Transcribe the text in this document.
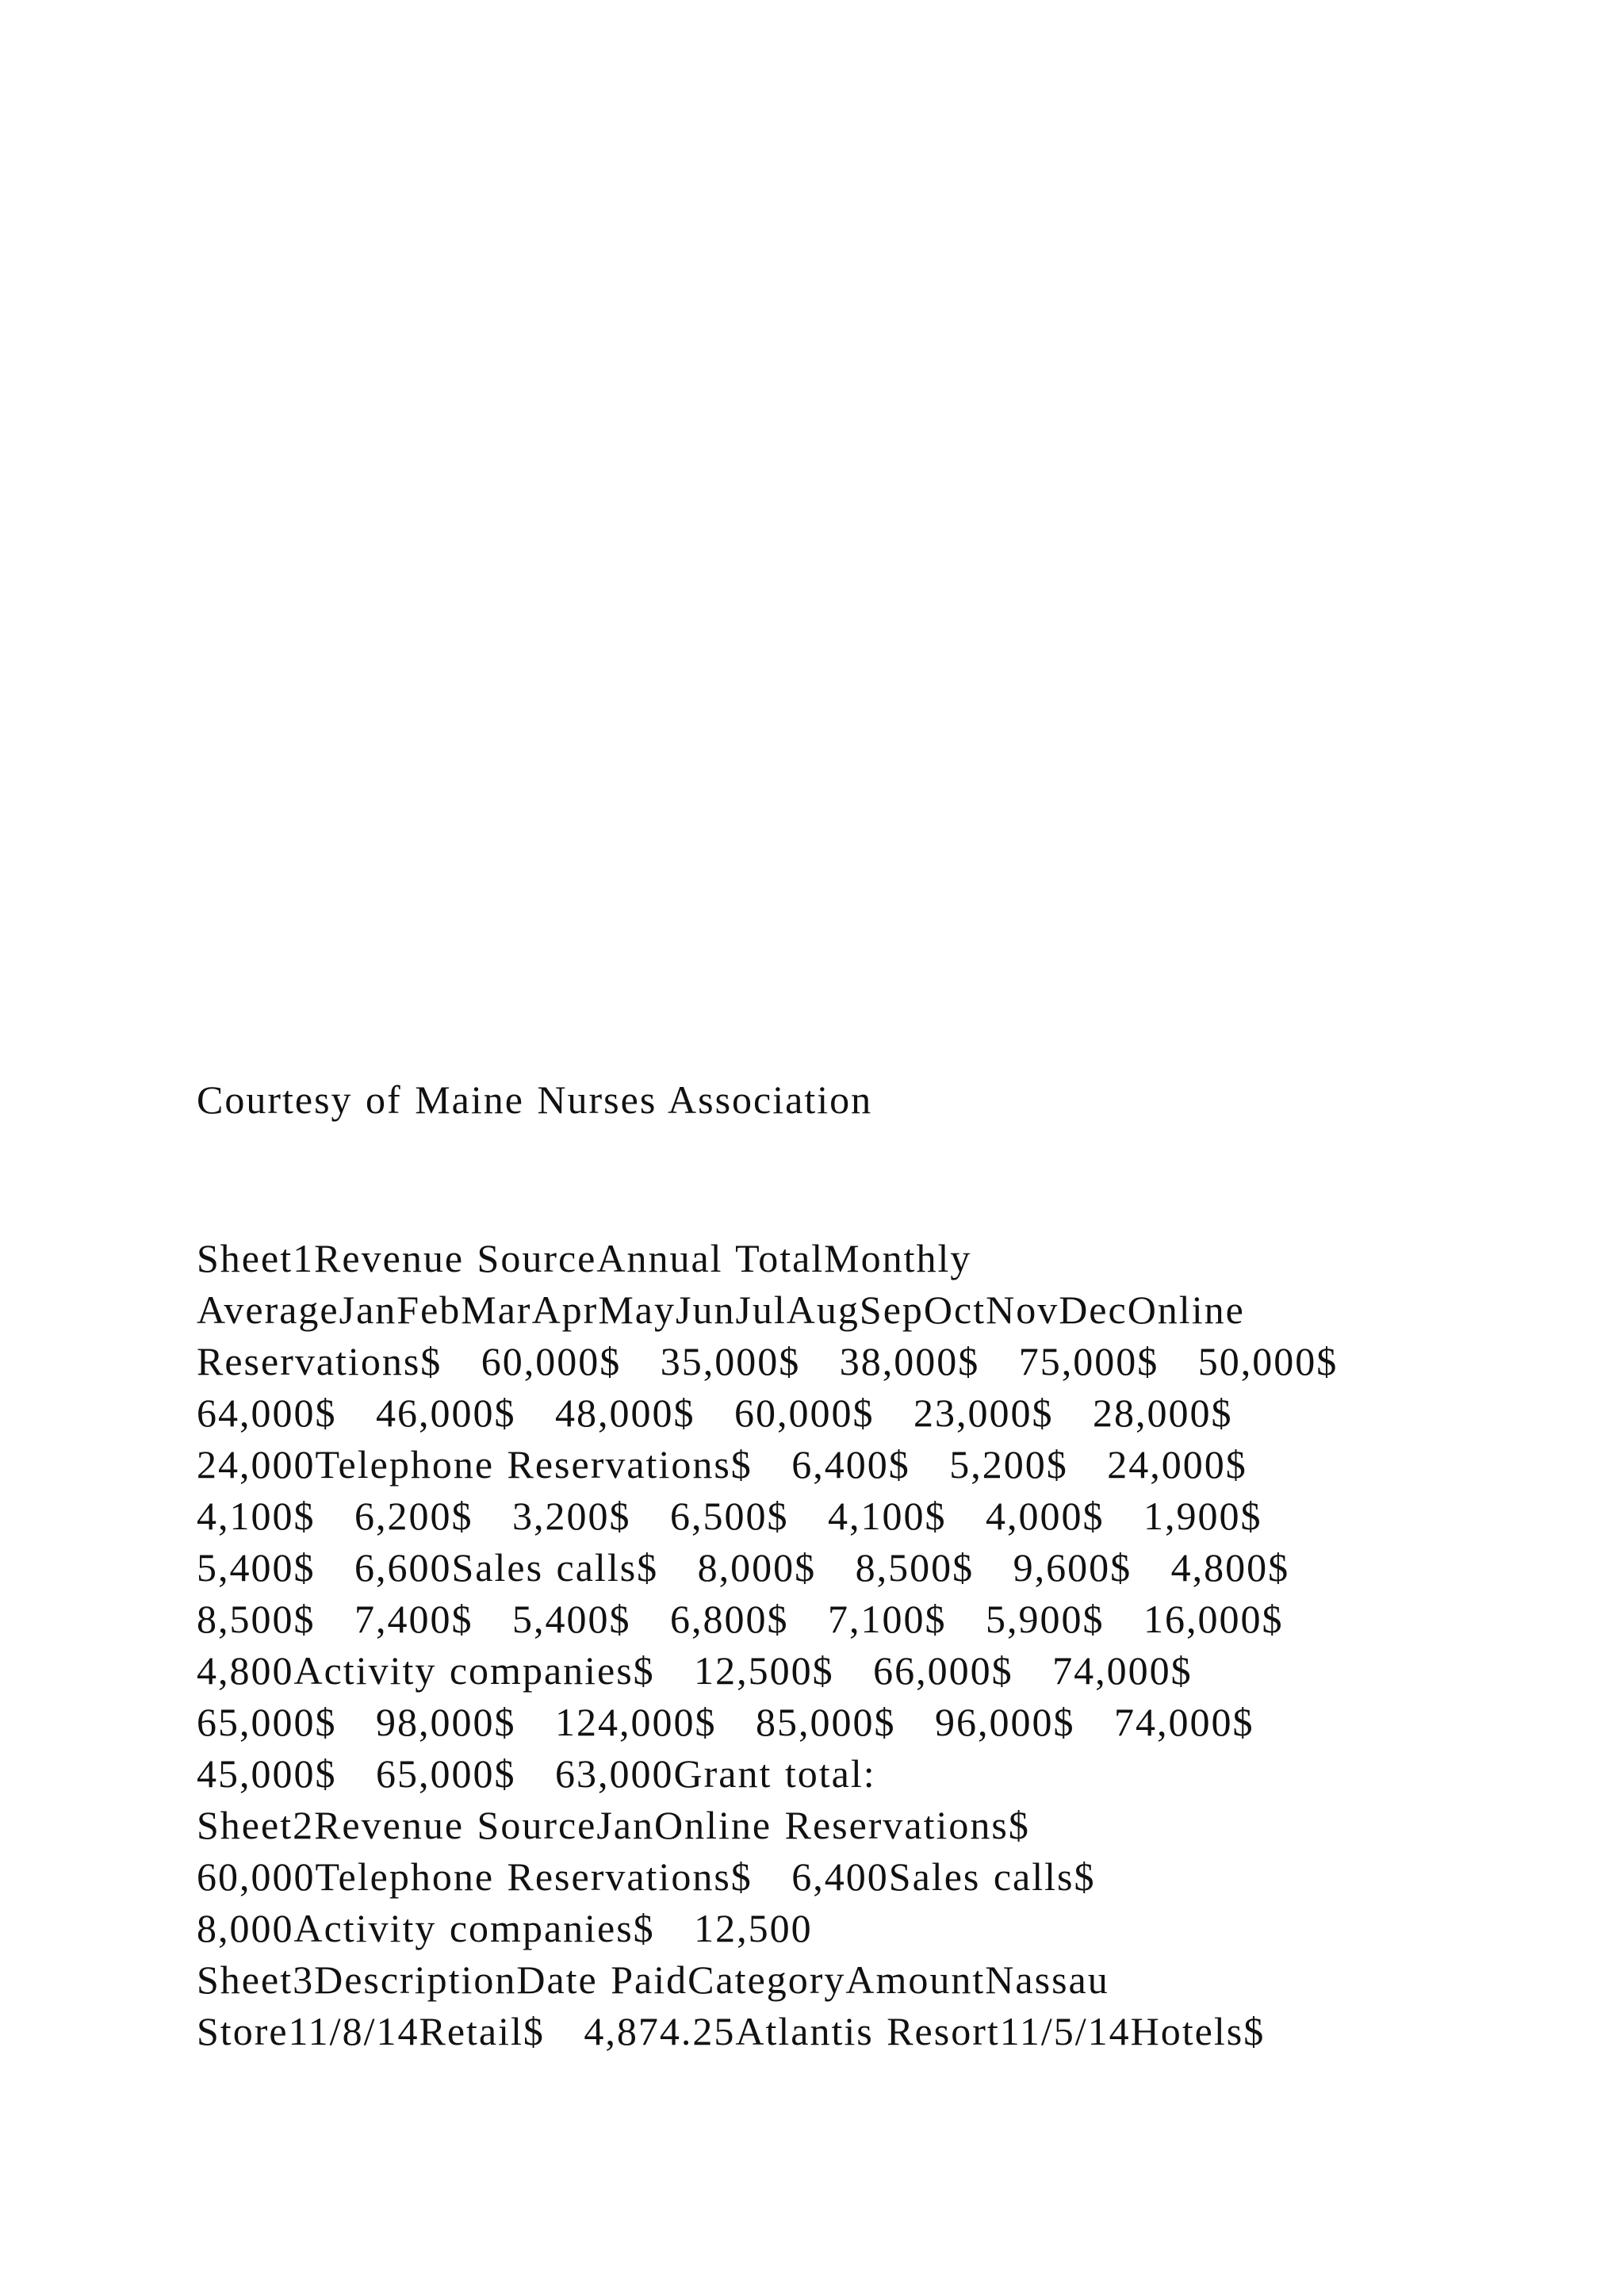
Courtesy of Maine Nurses Association

Sheet1Revenue SourceAnnual TotalMonthly
AverageJanFebMarAprMayJunJulAugSepOctNovDecOnline
Reservations$   60,000$   35,000$   38,000$   75,000$   50,000$
64,000$   46,000$   48,000$   60,000$   23,000$   28,000$
24,000Telephone Reservations$   6,400$   5,200$   24,000$
4,100$   6,200$   3,200$   6,500$   4,100$   4,000$   1,900$
5,400$   6,600Sales calls$   8,000$   8,500$   9,600$   4,800$
8,500$   7,400$   5,400$   6,800$   7,100$   5,900$   16,000$
4,800Activity companies$   12,500$   66,000$   74,000$
65,000$   98,000$   124,000$   85,000$   96,000$   74,000$
45,000$   65,000$   63,000Grant total:
Sheet2Revenue SourceJanOnline Reservations$
60,000Telephone Reservations$   6,400Sales calls$
8,000Activity companies$   12,500
Sheet3DescriptionDate PaidCategoryAmountNassau
Store11/8/14Retail$   4,874.25Atlantis Resort11/5/14Hotels$
